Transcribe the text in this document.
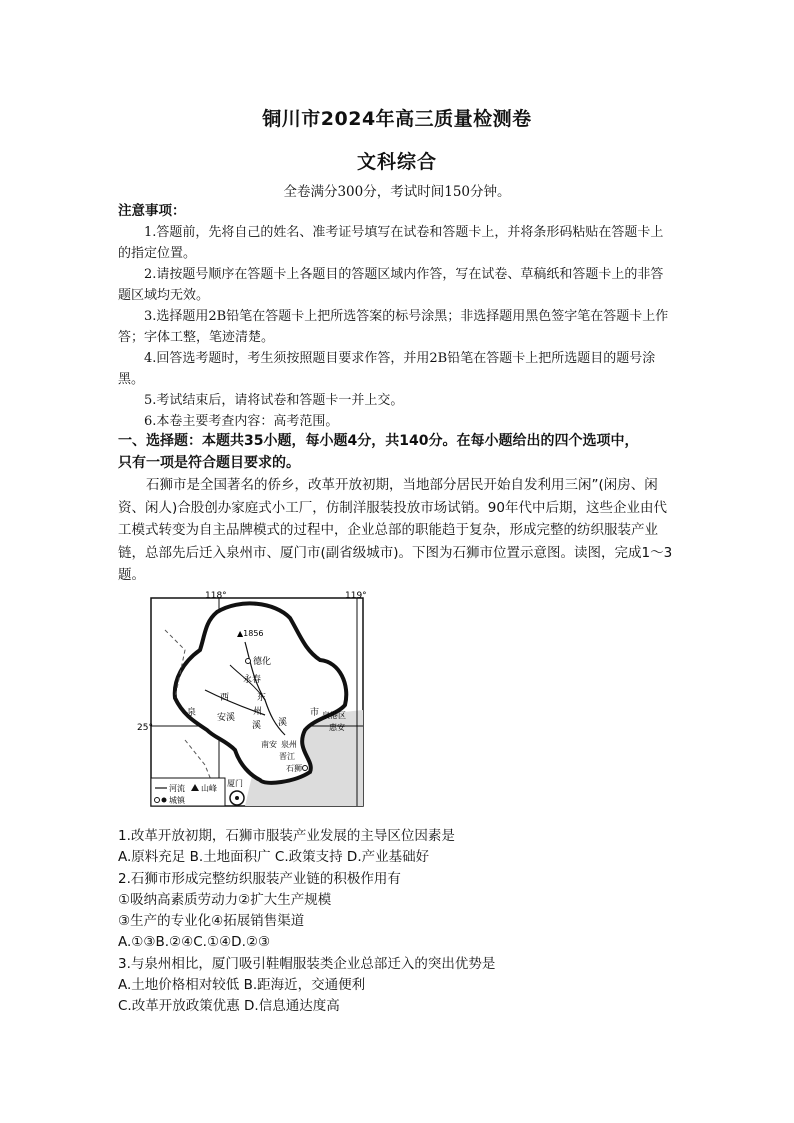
铜川市2024年高三质量检测卷
文科综合
全卷满分300分，考试时间150分钟。
注意事项：

1.答题前，先将自己的姓名、准考证号填写在试卷和答题卡上，并将条形码粘贴在答题卡上的指定位置。

2.请按题号顺序在答题卡上各题目的答题区域内作答，写在试卷、草稿纸和答题卡上的非答题区域均无效。

3.选择题用2B铅笔在答题卡上把所选答案的标号涂黑；非选择题用黑色签字笔在答题卡上作答；字体工整，笔迹清楚。

4.回答选考题时，考生须按照题目要求作答，并用2B铅笔在答题卡上把所选题目的题号涂黑。

5.考试结束后，请将试卷和答题卡一并上交。

6.本卷主要考查内容：高考范围。

一、选择题：本题共35小题，每小题4分，共140分。在每小题给出的四个选项中，
只有一项是符合题目要求的。

石狮市是全国著名的侨乡，改革开放初期，当地部分居民开始自发利用三闲”(闲房、闲资、闲人)合股创办家庭式小工厂，仿制洋服装投放市场试销。90年代中后期，这些企业由代工模式转变为自主品牌模式的过程中，企业总部的职能趋于复杂，形成完整的纺织服装产业链，总部先后迁入泉州市、厦门市(副省级城市)。下图为石狮市位置示意图。读图，完成1～3题。

118°	119°
25°
▲1856
德化
永春
西	东
泉 安溪
州
溪 溪
市 泉港区
惠安
南安 泉州
晋江
石狮
厦门
河流 山峰
城镇

1.改革开放初期，石狮市服装产业发展的主导区位因素是

A.原料充足 B.土地面积广 C.政策支持 D.产业基础好

2.石狮市形成完整纺织服装产业链的积极作用有

①吸纳高素质劳动力②扩大生产规模

③生产的专业化④拓展销售渠道

A.①③B.②④C.①④D.②③

3.与泉州相比，厦门吸引鞋帽服装类企业总部迁入的突出优势是

A.土地价格相对较低 B.距海近，交通便利

C.改革开放政策优惠 D.信息通达度高
